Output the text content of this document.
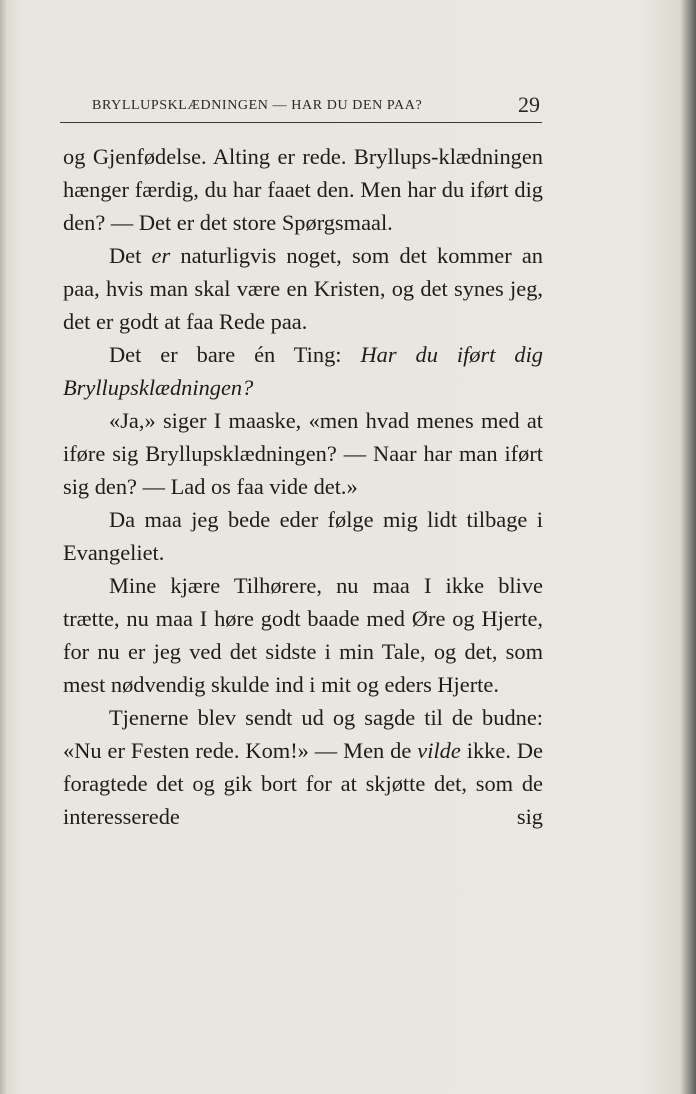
BRYLLUPSKLÆDNINGEN — HAR DU DEN PAA?	29

og Gjenfødelse. Alting er rede. Bryllups-klædningen hænger færdig, du har faaet den. Men har du iført dig den? — Det er det store Spørgsmaal.

Det er naturligvis noget, som det kommer an paa, hvis man skal være en Kristen, og det synes jeg, det er godt at faa Rede paa.

Det er bare én Ting: Har du iført dig Bryllupsklædningen?

«Ja,» siger I maaske, «men hvad menes med at iføre sig Bryllupsklædningen? — Naar har man iført sig den? — Lad os faa vide det.»

Da maa jeg bede eder følge mig lidt tilbage i Evangeliet.

Mine kjære Tilhørere, nu maa I ikke blive trætte, nu maa I høre godt baade med Øre og Hjerte, for nu er jeg ved det sidste i min Tale, og det, som mest nødvendig skulde ind i mit og eders Hjerte.

Tjenerne blev sendt ud og sagde til de budne: «Nu er Festen rede. Kom!» — Men de vilde ikke. De foragtede det og gik bort for at skjøtte det, som de interesserede sig
